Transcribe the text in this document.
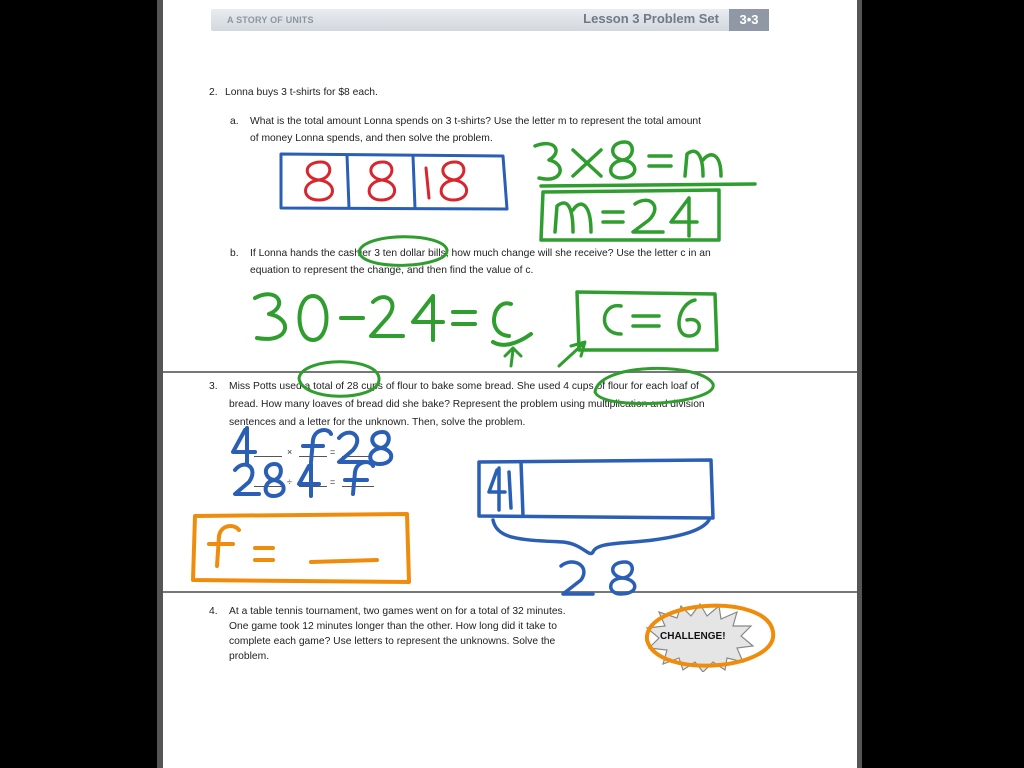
A STORY OF UNITS	Lesson 3 Problem Set	3•3
2. Lonna buys 3 t-shirts for $8 each.
a. What is the total amount Lonna spends on 3 t-shirts? Use the letter m to represent the total amount
of money Lonna spends, and then solve the problem.
b. If Lonna hands the cashier 3 ten dollar bills, how much change will she receive? Use the letter c in an
equation to represent the change, and then find the value of c.
3. Miss Potts used a total of 28 cups of flour to bake some bread. She used 4 cups of flour for each loaf of
bread. How many loaves of bread did she bake? Represent the problem using multiplication and division
sentences and a letter for the unknown. Then, solve the problem.
×	=
÷	=
4. At a table tennis tournament, two games went on for a total of 32 minutes.
One game took 12 minutes longer than the other. How long did it take to
complete each game? Use letters to represent the unknowns. Solve the
problem.
CHALLENGE!
